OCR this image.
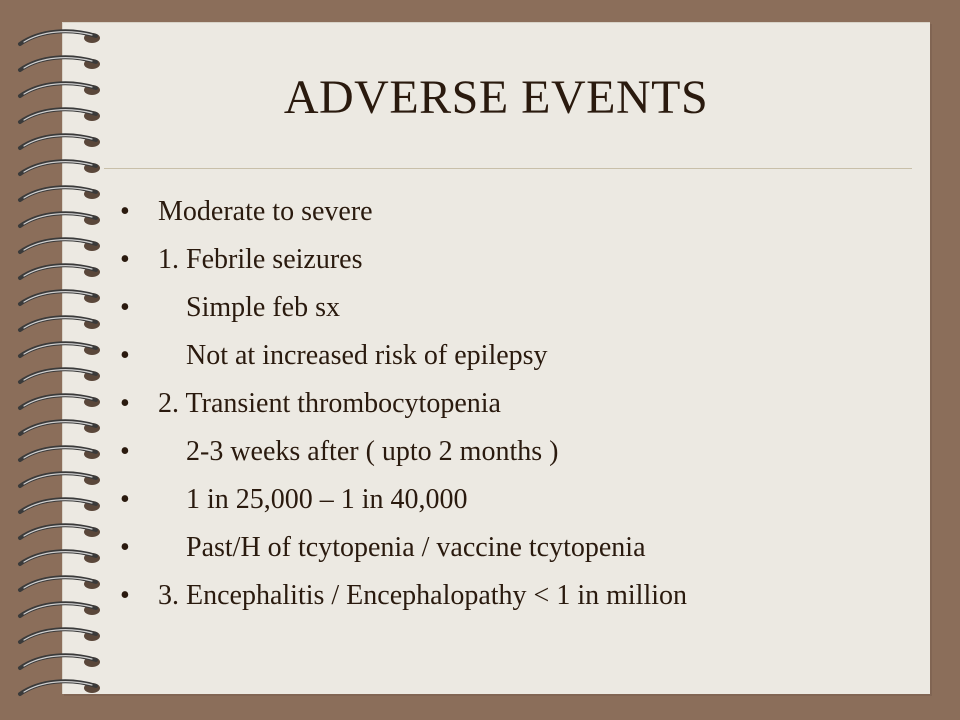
ADVERSE EVENTS
•	Moderate to severe
•	1. Febrile seizures
•	Simple feb sx
•	Not at increased risk of epilepsy
•	2. Transient thrombocytopenia
•	2-3 weeks after ( upto 2 months )
•	1 in 25,000 – 1 in 40,000
•	Past/H of tcytopenia / vaccine tcytopenia
•	3. Encephalitis / Encephalopathy < 1 in million
